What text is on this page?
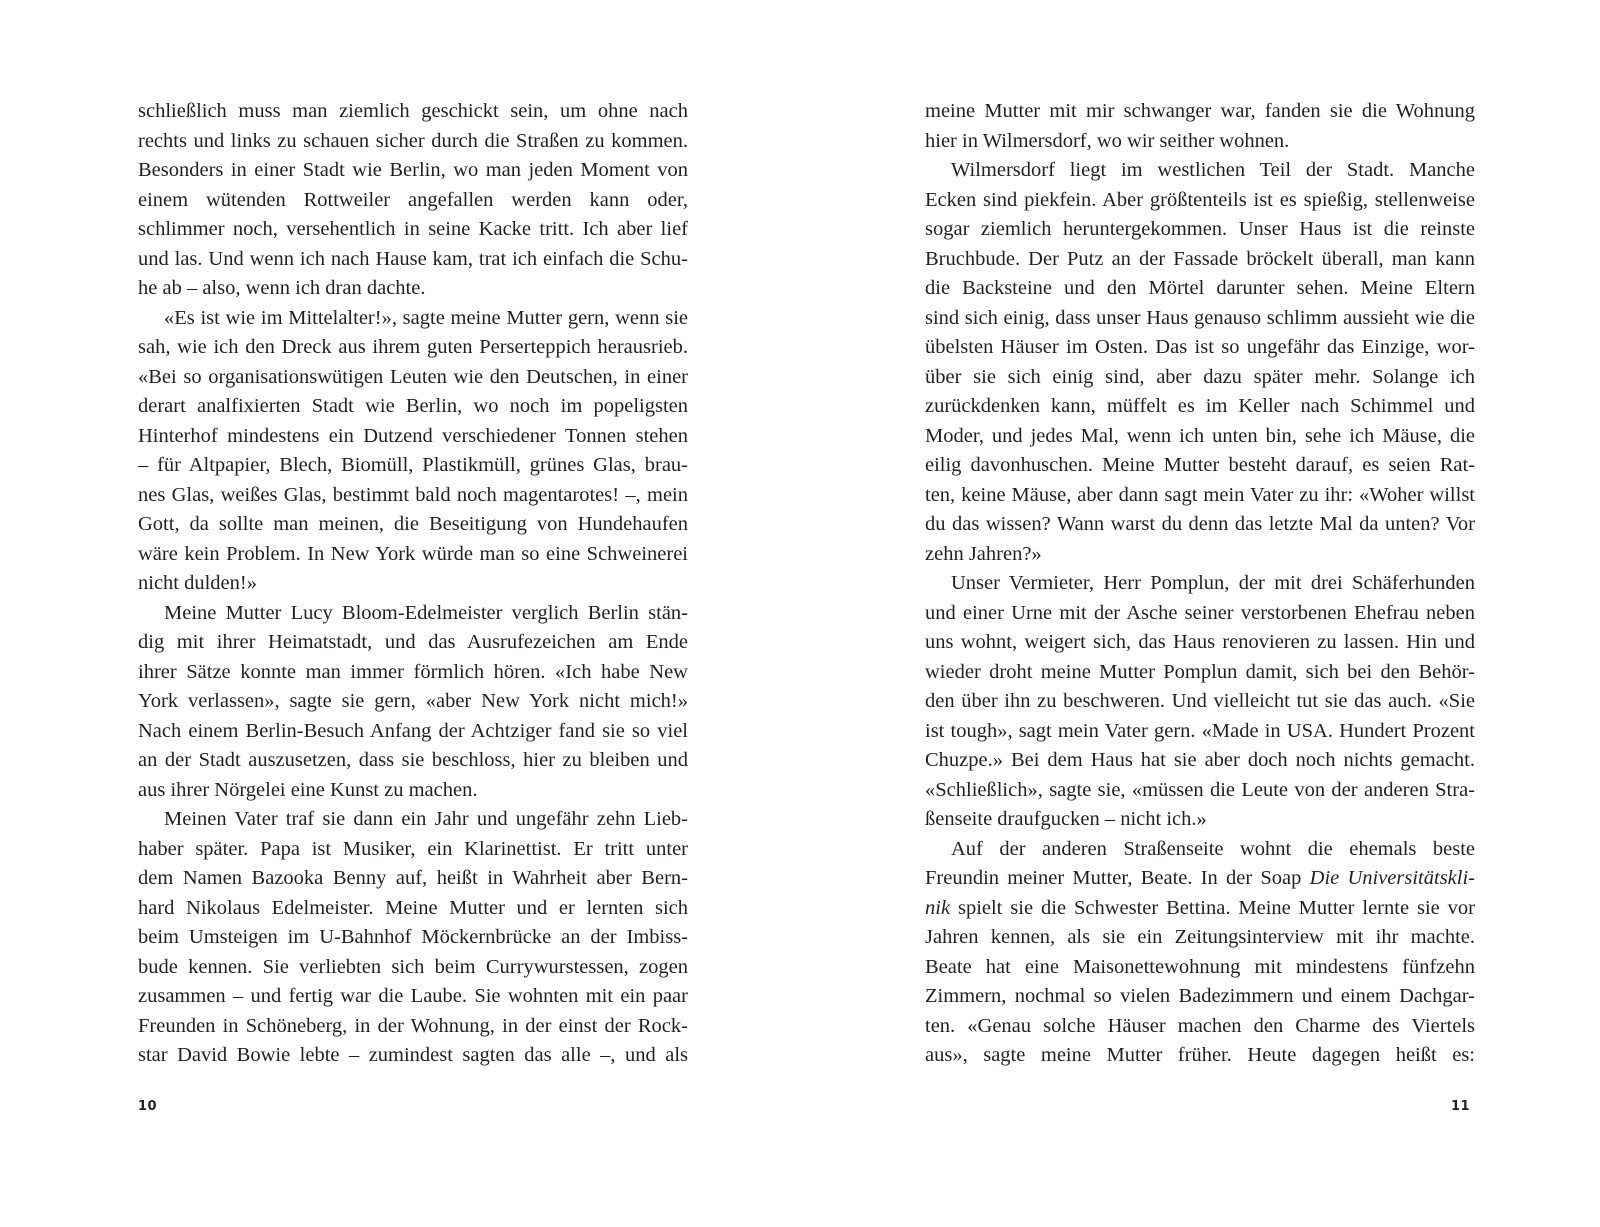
schließlich muss man ziemlich geschickt sein, um ohne nach
rechts und links zu schauen sicher durch die Straßen zu kommen.
Besonders in einer Stadt wie Berlin, wo man jeden Moment von
einem wütenden Rottweiler angefallen werden kann oder,
schlimmer noch, versehentlich in seine Kacke tritt. Ich aber lief
und las. Und wenn ich nach Hause kam, trat ich einfach die Schu-
he ab – also, wenn ich dran dachte.
«Es ist wie im Mittelalter!», sagte meine Mutter gern, wenn sie
sah, wie ich den Dreck aus ihrem guten Perserteppich herausrieb.
«Bei so organisationswütigen Leuten wie den Deutschen, in einer
derart analfixierten Stadt wie Berlin, wo noch im popeligsten
Hinterhof mindestens ein Dutzend verschiedener Tonnen stehen
– für Altpapier, Blech, Biomüll, Plastikmüll, grünes Glas, brau-
nes Glas, weißes Glas, bestimmt bald noch magentarotes! –, mein
Gott, da sollte man meinen, die Beseitigung von Hundehaufen
wäre kein Problem. In New York würde man so eine Schweinerei
nicht dulden!»
Meine Mutter Lucy Bloom-Edelmeister verglich Berlin stän-
dig mit ihrer Heimatstadt, und das Ausrufezeichen am Ende
ihrer Sätze konnte man immer förmlich hören. «Ich habe New
York verlassen», sagte sie gern, «aber New York nicht mich!»
Nach einem Berlin-Besuch Anfang der Achtziger fand sie so viel
an der Stadt auszusetzen, dass sie beschloss, hier zu bleiben und
aus ihrer Nörgelei eine Kunst zu machen.
Meinen Vater traf sie dann ein Jahr und ungefähr zehn Lieb-
haber später. Papa ist Musiker, ein Klarinettist. Er tritt unter
dem Namen Bazooka Benny auf, heißt in Wahrheit aber Bern-
hard Nikolaus Edelmeister. Meine Mutter und er lernten sich
beim Umsteigen im U-Bahnhof Möckernbrücke an der Imbiss-
bude kennen. Sie verliebten sich beim Currywurstessen, zogen
zusammen – und fertig war die Laube. Sie wohnten mit ein paar
Freunden in Schöneberg, in der Wohnung, in der einst der Rock-
star David Bowie lebte – zumindest sagten das alle –, und als
10
meine Mutter mit mir schwanger war, fanden sie die Wohnung
hier in Wilmersdorf, wo wir seither wohnen.
Wilmersdorf liegt im westlichen Teil der Stadt. Manche
Ecken sind piekfein. Aber größtenteils ist es spießig, stellenweise
sogar ziemlich heruntergekommen. Unser Haus ist die reinste
Bruchbude. Der Putz an der Fassade bröckelt überall, man kann
die Backsteine und den Mörtel darunter sehen. Meine Eltern
sind sich einig, dass unser Haus genauso schlimm aussieht wie die
übelsten Häuser im Osten. Das ist so ungefähr das Einzige, wor-
über sie sich einig sind, aber dazu später mehr. Solange ich
zurückdenken kann, müffelt es im Keller nach Schimmel und
Moder, und jedes Mal, wenn ich unten bin, sehe ich Mäuse, die
eilig davonhuschen. Meine Mutter besteht darauf, es seien Rat-
ten, keine Mäuse, aber dann sagt mein Vater zu ihr: «Woher willst
du das wissen? Wann warst du denn das letzte Mal da unten? Vor
zehn Jahren?»
Unser Vermieter, Herr Pomplun, der mit drei Schäferhunden
und einer Urne mit der Asche seiner verstorbenen Ehefrau neben
uns wohnt, weigert sich, das Haus renovieren zu lassen. Hin und
wieder droht meine Mutter Pomplun damit, sich bei den Behör-
den über ihn zu beschweren. Und vielleicht tut sie das auch. «Sie
ist tough», sagt mein Vater gern. «Made in USA. Hundert Prozent
Chuzpe.» Bei dem Haus hat sie aber doch noch nichts gemacht.
«Schließlich», sagte sie, «müssen die Leute von der anderen Stra-
ßenseite draufgucken – nicht ich.»
Auf der anderen Straßenseite wohnt die ehemals beste
Freundin meiner Mutter, Beate. In der Soap Die Universitätskli-
nik spielt sie die Schwester Bettina. Meine Mutter lernte sie vor
Jahren kennen, als sie ein Zeitungsinterview mit ihr machte.
Beate hat eine Maisonettewohnung mit mindestens fünfzehn
Zimmern, nochmal so vielen Badezimmern und einem Dachgar-
ten. «Genau solche Häuser machen den Charme des Viertels
aus», sagte meine Mutter früher. Heute dagegen heißt es:
11
